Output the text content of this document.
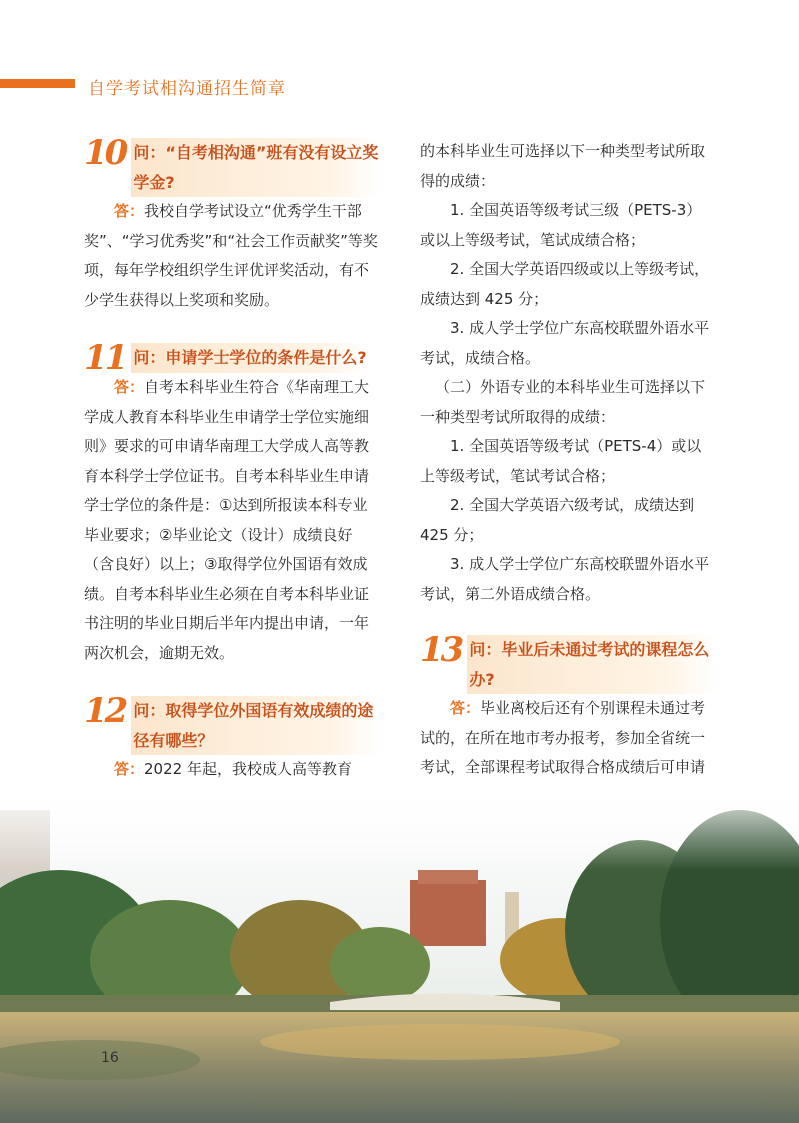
自学考试相沟通招生简章
10 问：“自考相沟通”班有没有设立奖学金?

答：我校自学考试设立“优秀学生干部奖”、“学习优秀奖”和“社会工作贡献奖”等奖项，每年学校组织学生评优评奖活动，有不少学生获得以上奖项和奖励。

11 问：申请学士学位的条件是什么?

答：自考本科毕业生符合《华南理工大学成人教育本科毕业生申请学士学位实施细则》要求的可申请华南理工大学成人高等教育本科学士学位证书。自考本科毕业生申请学士学位的条件是：①达到所报读本科专业毕业要求；②毕业论文（设计）成绩良好（含良好）以上；③取得学位外国语有效成绩。自考本科毕业生必须在自考本科毕业证书注明的毕业日期后半年内提出申请，一年两次机会，逾期无效。

12 问：取得学位外国语有效成绩的途径有哪些？

答：2022 年起，我校成人高等教育

的本科毕业生可选择以下一种类型考试所取得的成绩：

1. 全国英语等级考试三级（PETS-3）或以上等级考试，笔试成绩合格；

2. 全国大学英语四级或以上等级考试，成绩达到 425 分；

3. 成人学士学位广东高校联盟外语水平考试，成绩合格。

（二）外语专业的本科毕业生可选择以下一种类型考试所取得的成绩：

1. 全国英语等级考试（PETS-4）或以上等级考试，笔试考试合格；

2. 全国大学英语六级考试，成绩达到 425 分；

3. 成人学士学位广东高校联盟外语水平考试，第二外语成绩合格。

13 问：毕业后未通过考试的课程怎么办?

答：毕业离校后还有个别课程未通过考试的，在所在地市考办报考，参加全省统一考试，全部课程考试取得合格成绩后可申请

16
